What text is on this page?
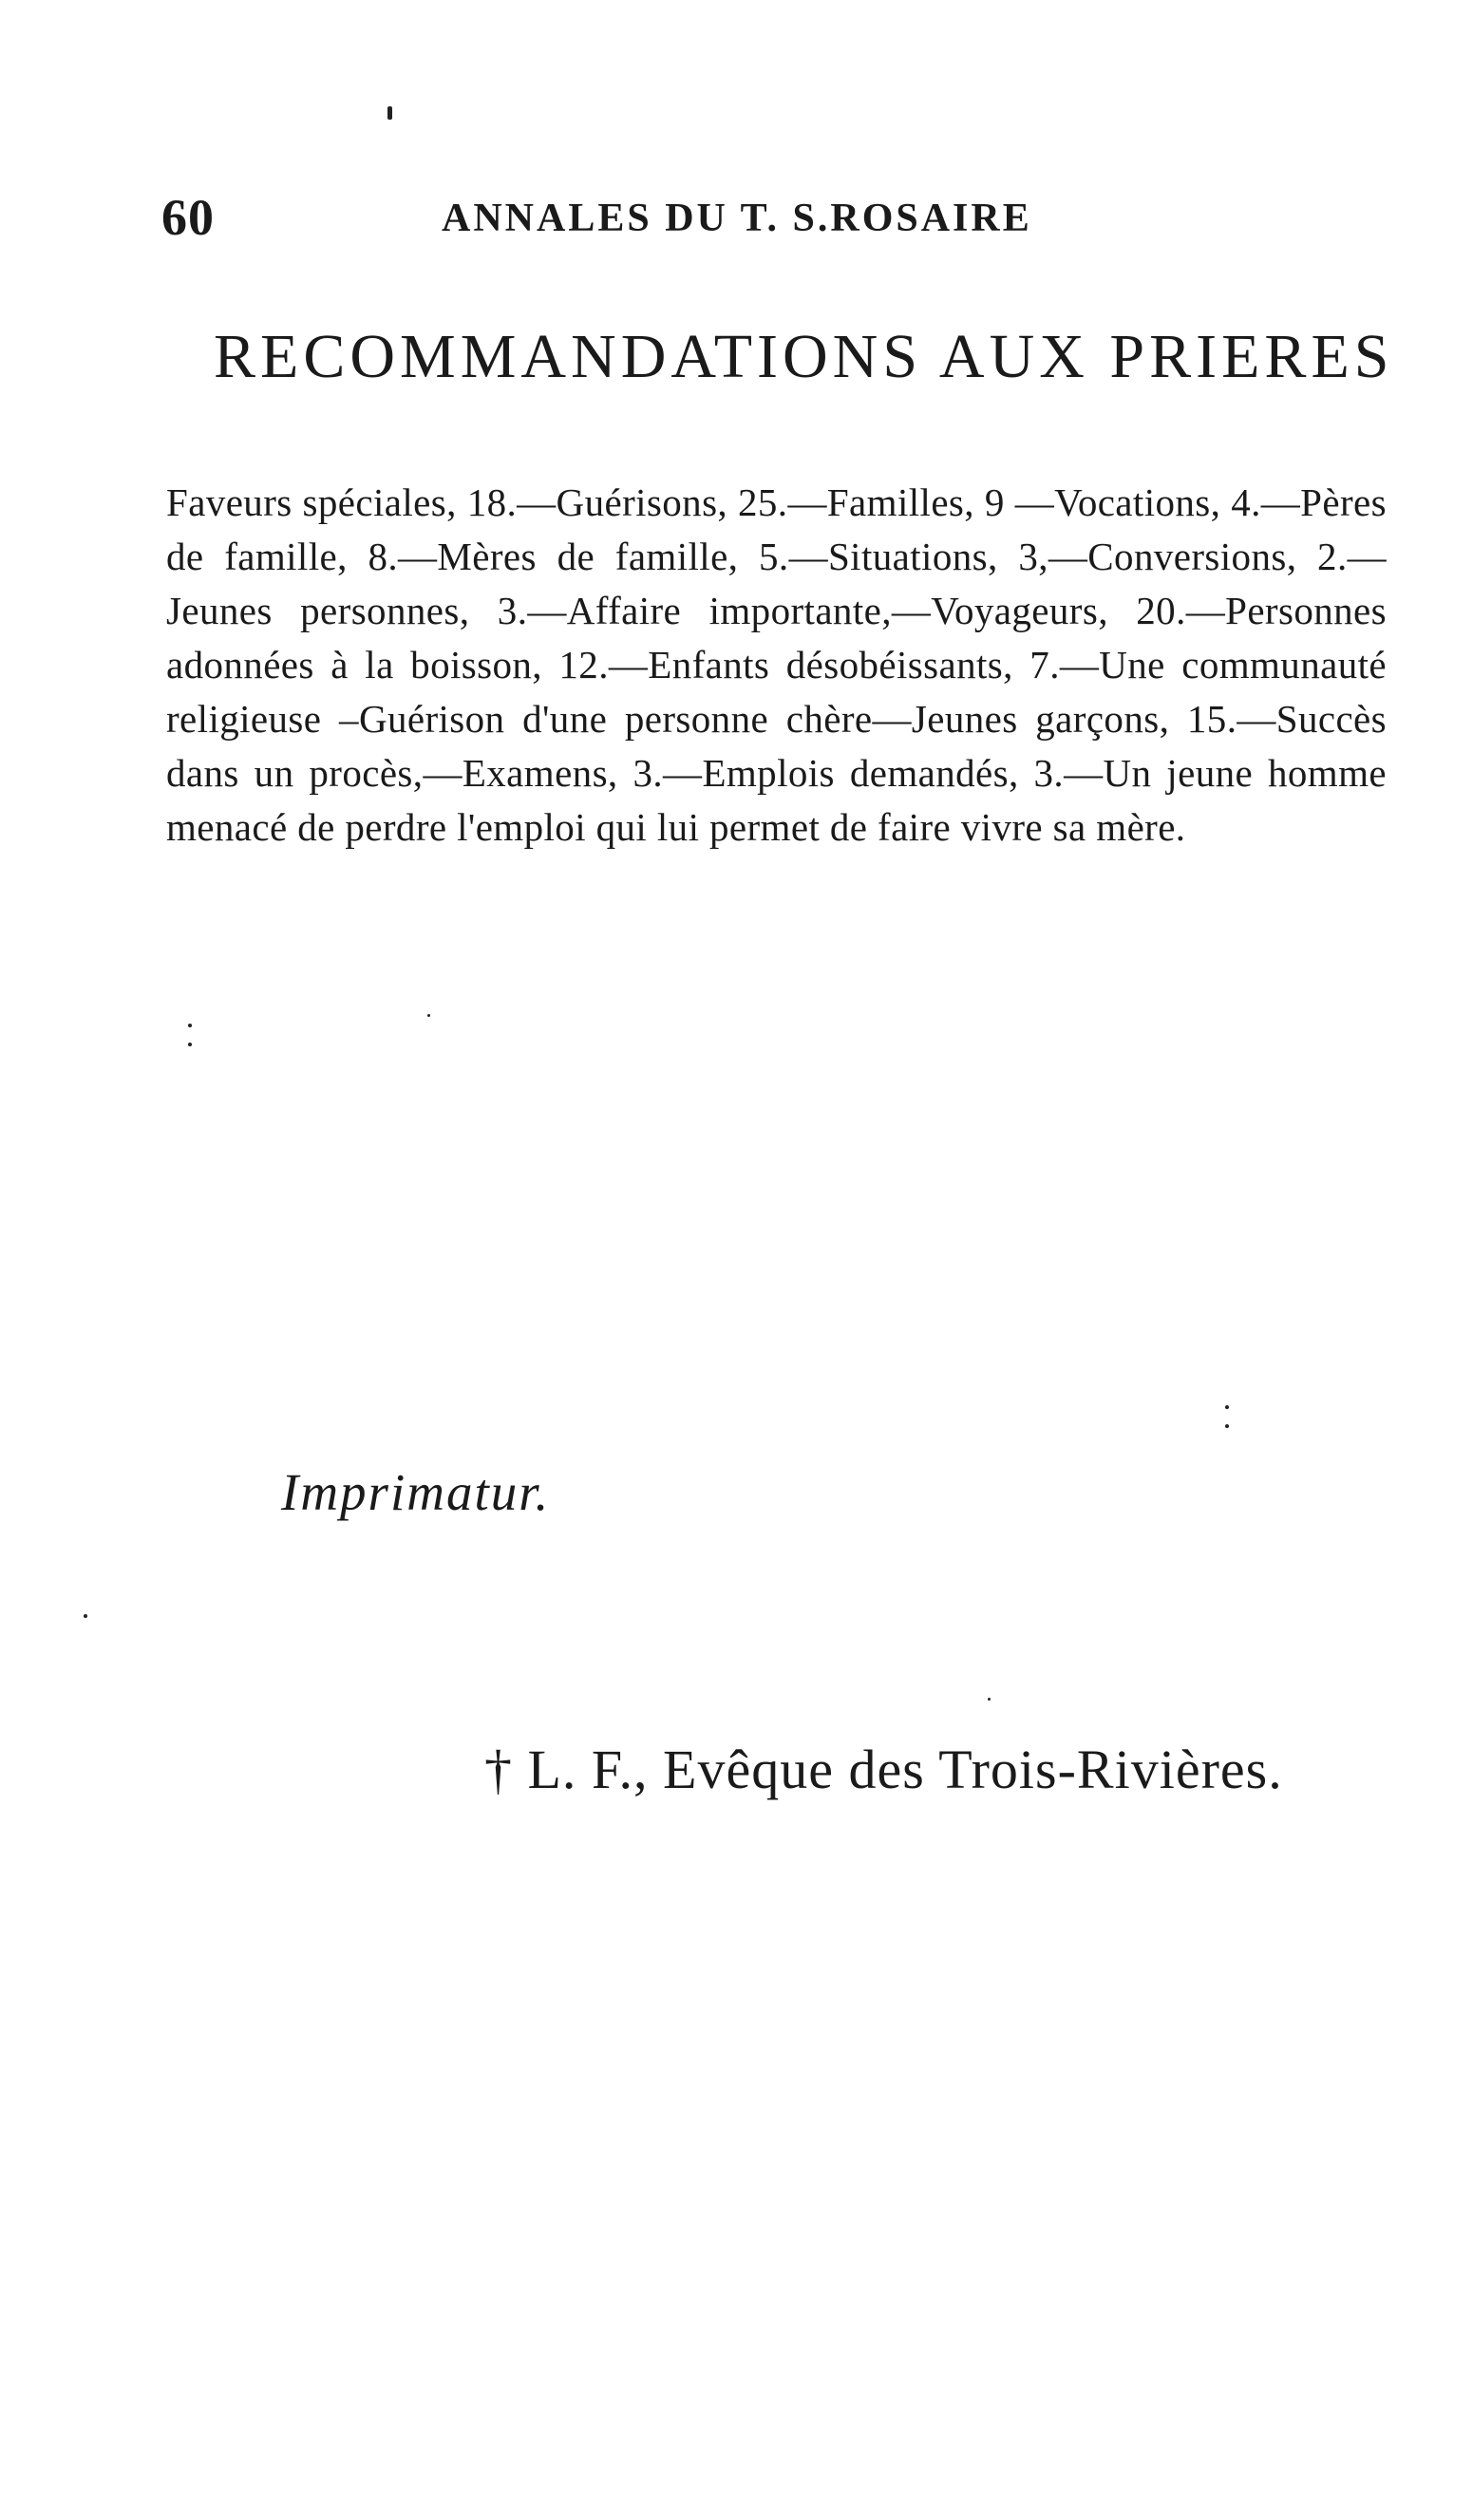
60	ANNALES DU T. S.ROSAIRE
RECOMMANDATIONS AUX PRIERES

Faveurs spéciales, 18.—Guérisons, 25.—Familles, 9 —Vocations, 4.—Pères de famille, 8.—Mères de famille, 5.—Situations, 3,—Conversions, 2.— Jeunes personnes, 3.—Affaire importante,—Voyageurs, 20.—Personnes adonnées à la boisson, 12.—Enfants désobéissants, 7.—Une communauté religieuse –Guérison d'une personne chère—Jeunes garçons, 15.—Succès dans un procès,—Examens, 3.—Emplois demandés, 3.—Un jeune homme menacé de perdre l'emploi qui lui permet de faire vivre sa mère.

Imprimatur.
† L. F., Evêque des Trois-Rivières.
